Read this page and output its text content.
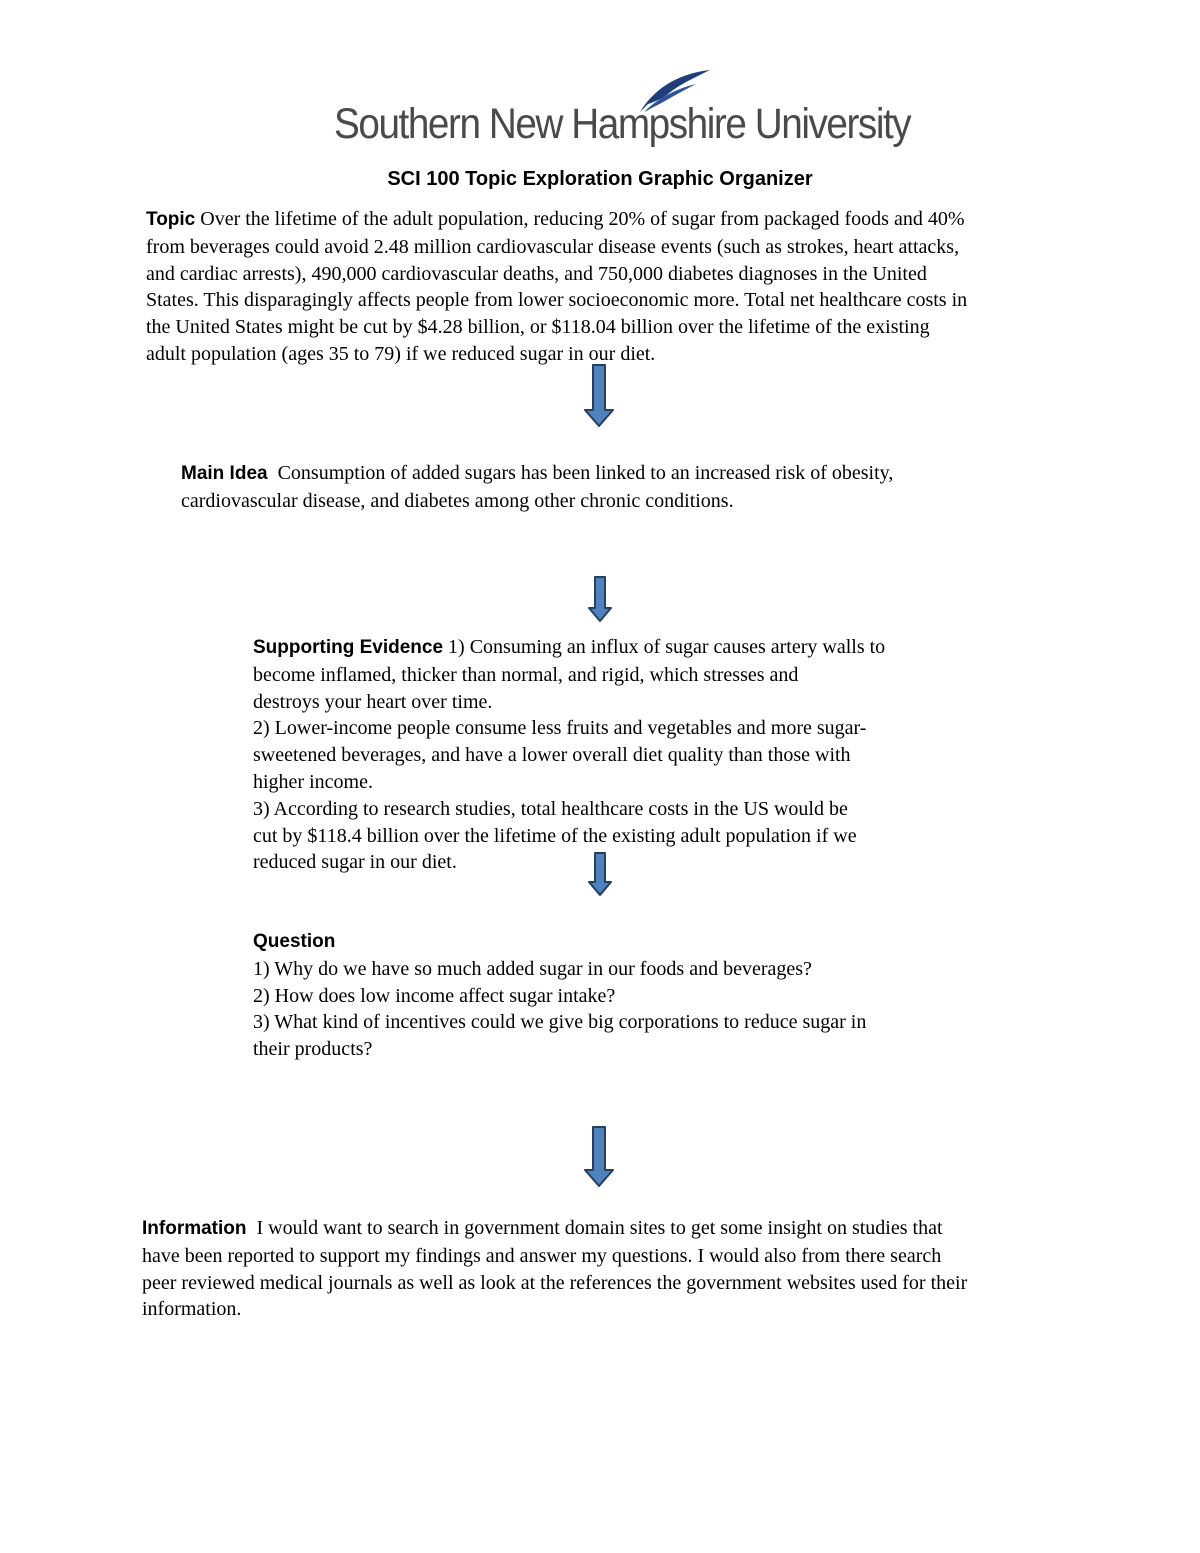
Southern New Hampshire University
SCI 100 Topic Exploration Graphic Organizer
Topic Over the lifetime of the adult population, reducing 20% of sugar from packaged foods and 40%
from beverages could avoid 2.48 million cardiovascular disease events (such as strokes, heart attacks,
and cardiac arrests), 490,000 cardiovascular deaths, and 750,000 diabetes diagnoses in the United
States. This disparagingly affects people from lower socioeconomic more. Total net healthcare costs in
the United States might be cut by $4.28 billion, or $118.04 billion over the lifetime of the existing
adult population (ages 35 to 79) if we reduced sugar in our diet.
Main Idea Consumption of added sugars has been linked to an increased risk of obesity,
cardiovascular disease, and diabetes among other chronic conditions.
Supporting Evidence 1) Consuming an influx of sugar causes artery walls to
become inflamed, thicker than normal, and rigid, which stresses and
destroys your heart over time.
2) Lower-income people consume less fruits and vegetables and more sugar-
sweetened beverages, and have a lower overall diet quality than those with
higher income.
3) According to research studies, total healthcare costs in the US would be
cut by $118.4 billion over the lifetime of the existing adult population if we
reduced sugar in our diet.
Question
1) Why do we have so much added sugar in our foods and beverages?
2) How does low income affect sugar intake?
3) What kind of incentives could we give big corporations to reduce sugar in
their products?
Information I would want to search in government domain sites to get some insight on studies that
have been reported to support my findings and answer my questions. I would also from there search
peer reviewed medical journals as well as look at the references the government websites used for their
information.
